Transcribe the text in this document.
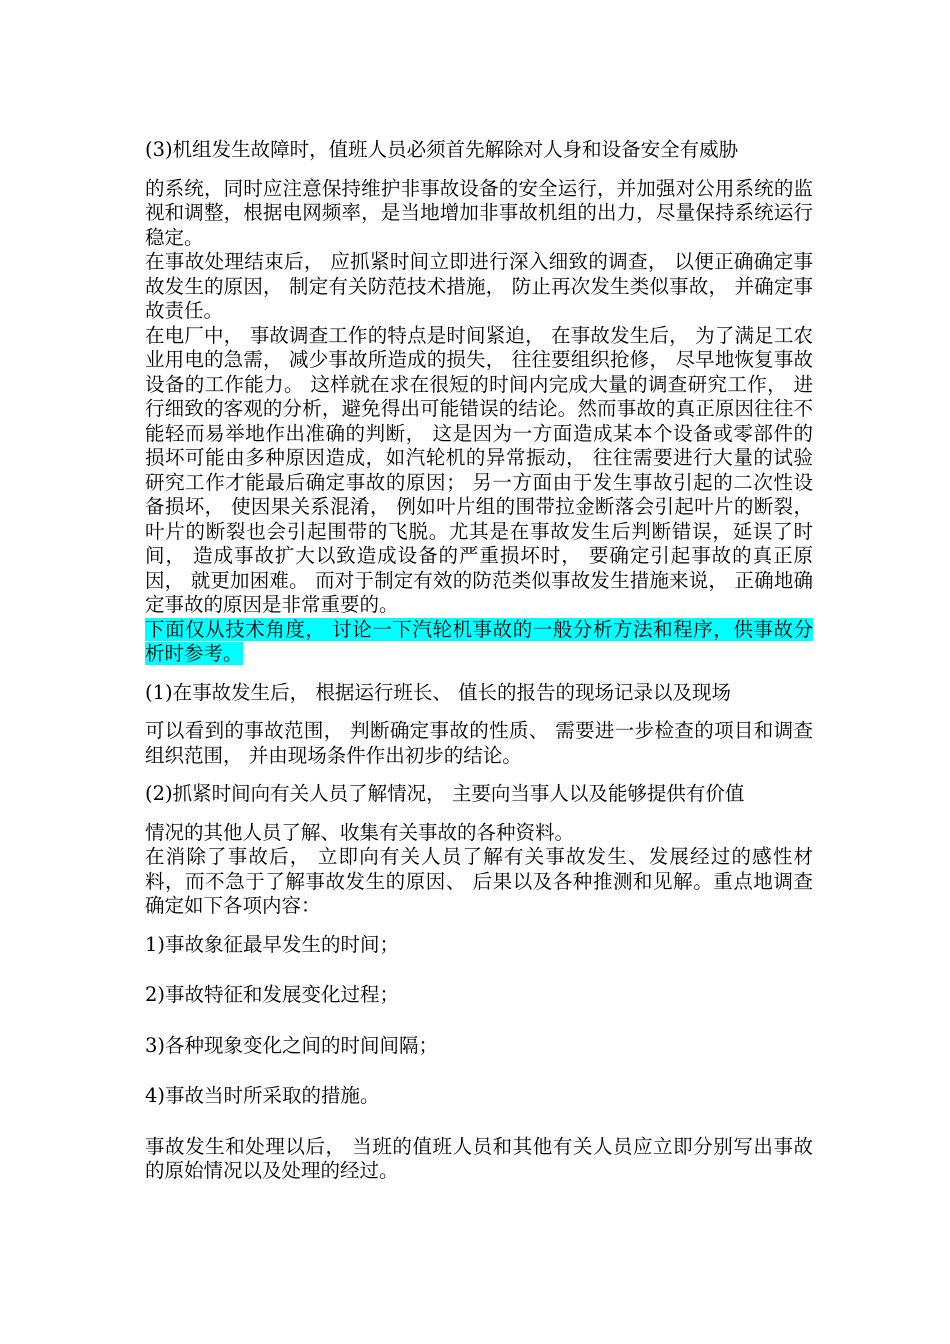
(3)机组发生故障时，值班人员必须首先解除对人身和设备安全有威胁

的系统，同时应注意保持维护非事故设备的安全运行，并加强对公用系统的监视和调整，根据电网频率，是当地增加非事故机组的出力，尽量保持系统运行稳定。

在事故处理结束后， 应抓紧时间立即进行深入细致的调查， 以便正确确定事故发生的原因， 制定有关防范技术措施， 防止再次发生类似事故， 并确定事故责任。

在电厂中， 事故调查工作的特点是时间紧迫， 在事故发生后， 为了满足工农业用电的急需， 减少事故所造成的损失， 往往要组织抢修， 尽早地恢复事故设备的工作能力。 这样就在求在很短的时间内完成大量的调查研究工作， 进行细致的客观的分析，避免得出可能错误的结论。然而事故的真正原因往往不能轻而易举地作出准确的判断， 这是因为一方面造成某本个设备或零部件的损坏可能由多种原因造成，如汽轮机的异常振动， 往往需要进行大量的试验研究工作才能最后确定事故的原因； 另一方面由于发生事故引起的二次性设备损坏， 使因果关系混淆， 例如叶片组的围带拉金断落会引起叶片的断裂，叶片的断裂也会引起围带的飞脱。尤其是在事故发生后判断错误，延误了时间， 造成事故扩大以致造成设备的严重损坏时， 要确定引起事故的真正原因， 就更加困难。 而对于制定有效的防范类似事故发生措施来说， 正确地确定事故的原因是非常重要的。

下面仅从技术角度， 讨论一下汽轮机事故的一般分析方法和程序，供事故分析时参考。

(1)在事故发生后， 根据运行班长、 值长的报告的现场记录以及现场

可以看到的事故范围， 判断确定事故的性质、 需要进一步检查的项目和调查组织范围， 并由现场条件作出初步的结论。

(2)抓紧时间向有关人员了解情况， 主要向当事人以及能够提供有价值

情况的其他人员了解、收集有关事故的各种资料。

在消除了事故后， 立即向有关人员了解有关事故发生、发展经过的感性材料，而不急于了解事故发生的原因、 后果以及各种推测和见解。重点地调查确定如下各项内容：

1)事故象征最早发生的时间；

2)事故特征和发展变化过程；

3)各种现象变化之间的时间间隔；

4)事故当时所采取的措施。

事故发生和处理以后， 当班的值班人员和其他有关人员应立即分别写出事故的原始情况以及处理的经过。
